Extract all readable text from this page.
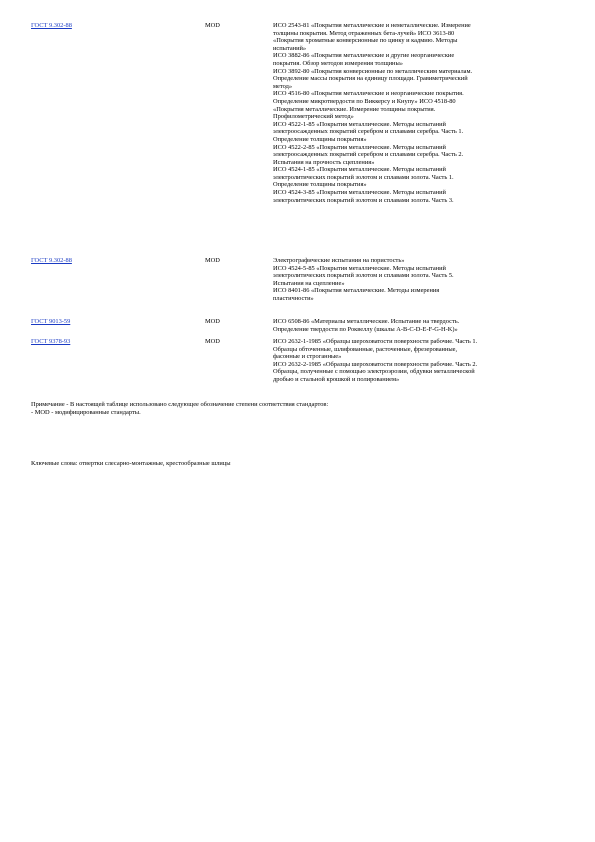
ГОСТ 9.302-88	MOD	ИСО 2543-81 «Покрытия металлические и неметаллические. Измерение
толщины покрытия. Метод отраженных бета-лучей» ИСО 3613-80
«Покрытия хроматные конверсионные по цинку и кадмию. Методы
испытаний»
ИСО 3882-86 «Покрытия металлические и другие неорганические
покрытия. Обзор методов измерения толщины»
ИСО 3892-80 «Покрытия конверсионные по металлическим материалам.
Определение массы покрытия на единицу площади. Гравиметрический
метод»
ИСО 4516-80 «Покрытия металлические и неорганические покрытия.
Определение микротвердости по Виккерсу и Кнупу» ИСО 4518-80
«Покрытия металлические. Измерение толщины покрытия.
Профилометрический метод»
ИСО 4522-1-85 «Покрытия металлические. Методы испытаний
электроосажденных покрытий серебром и сплавами серебра. Часть 1.
Определение толщины покрытия»
ИСО 4522-2-85 «Покрытия металлические. Методы испытаний
электроосажденных покрытий серебром и сплавами серебра. Часть 2.
Испытания на прочность сцепления»
ИСО 4524-1-85 «Покрытия металлические. Методы испытаний
электролитических покрытий золотом и сплавами золота. Часть 1.
Определение толщины покрытия»
ИСО 4524-3-85 «Покрытия металлические. Методы испытаний
электролитических покрытий золотом и сплавами золота. Часть 3.
ГОСТ 9.302-88	MOD	Электрографические испытания на пористость»
ИСО 4524-5-85 «Покрытия металлические. Методы испытаний
электролитических покрытий золотом и сплавами золота. Часть 5.
Испытания на сцепление»
ИСО 8401-86 «Покрытия металлические. Методы измерения
пластичности»
ГОСТ 9013-59	MOD	ИСО 6508-86 «Материалы металлические. Испытание на твердость.
Определение твердости по Роквеллу (шкалы A-B-C-D-E-F-G-H-K)»
ГОСТ 9378-93	MOD	ИСО 2632-1-1985 «Образцы шероховатости поверхности рабочие. Часть 1.
Образцы обточенные, шлифованные, расточенные, фрезерованные,
фасонные и строганные»
ИСО 2632-2-1985 «Образцы шероховатости поверхности рабочие. Часть 2.
Образцы, полученные с помощью электроэрозии, обдувки металлической
дробью и стальной крошкой и полированием»
Примечание - В настоящей таблице использовано следующее обозначение степени соответствия стандартов:
- MOD - модифицированные стандарты.
Ключевые слова: отвертки слесарно-монтажные, крестообразные шлицы
